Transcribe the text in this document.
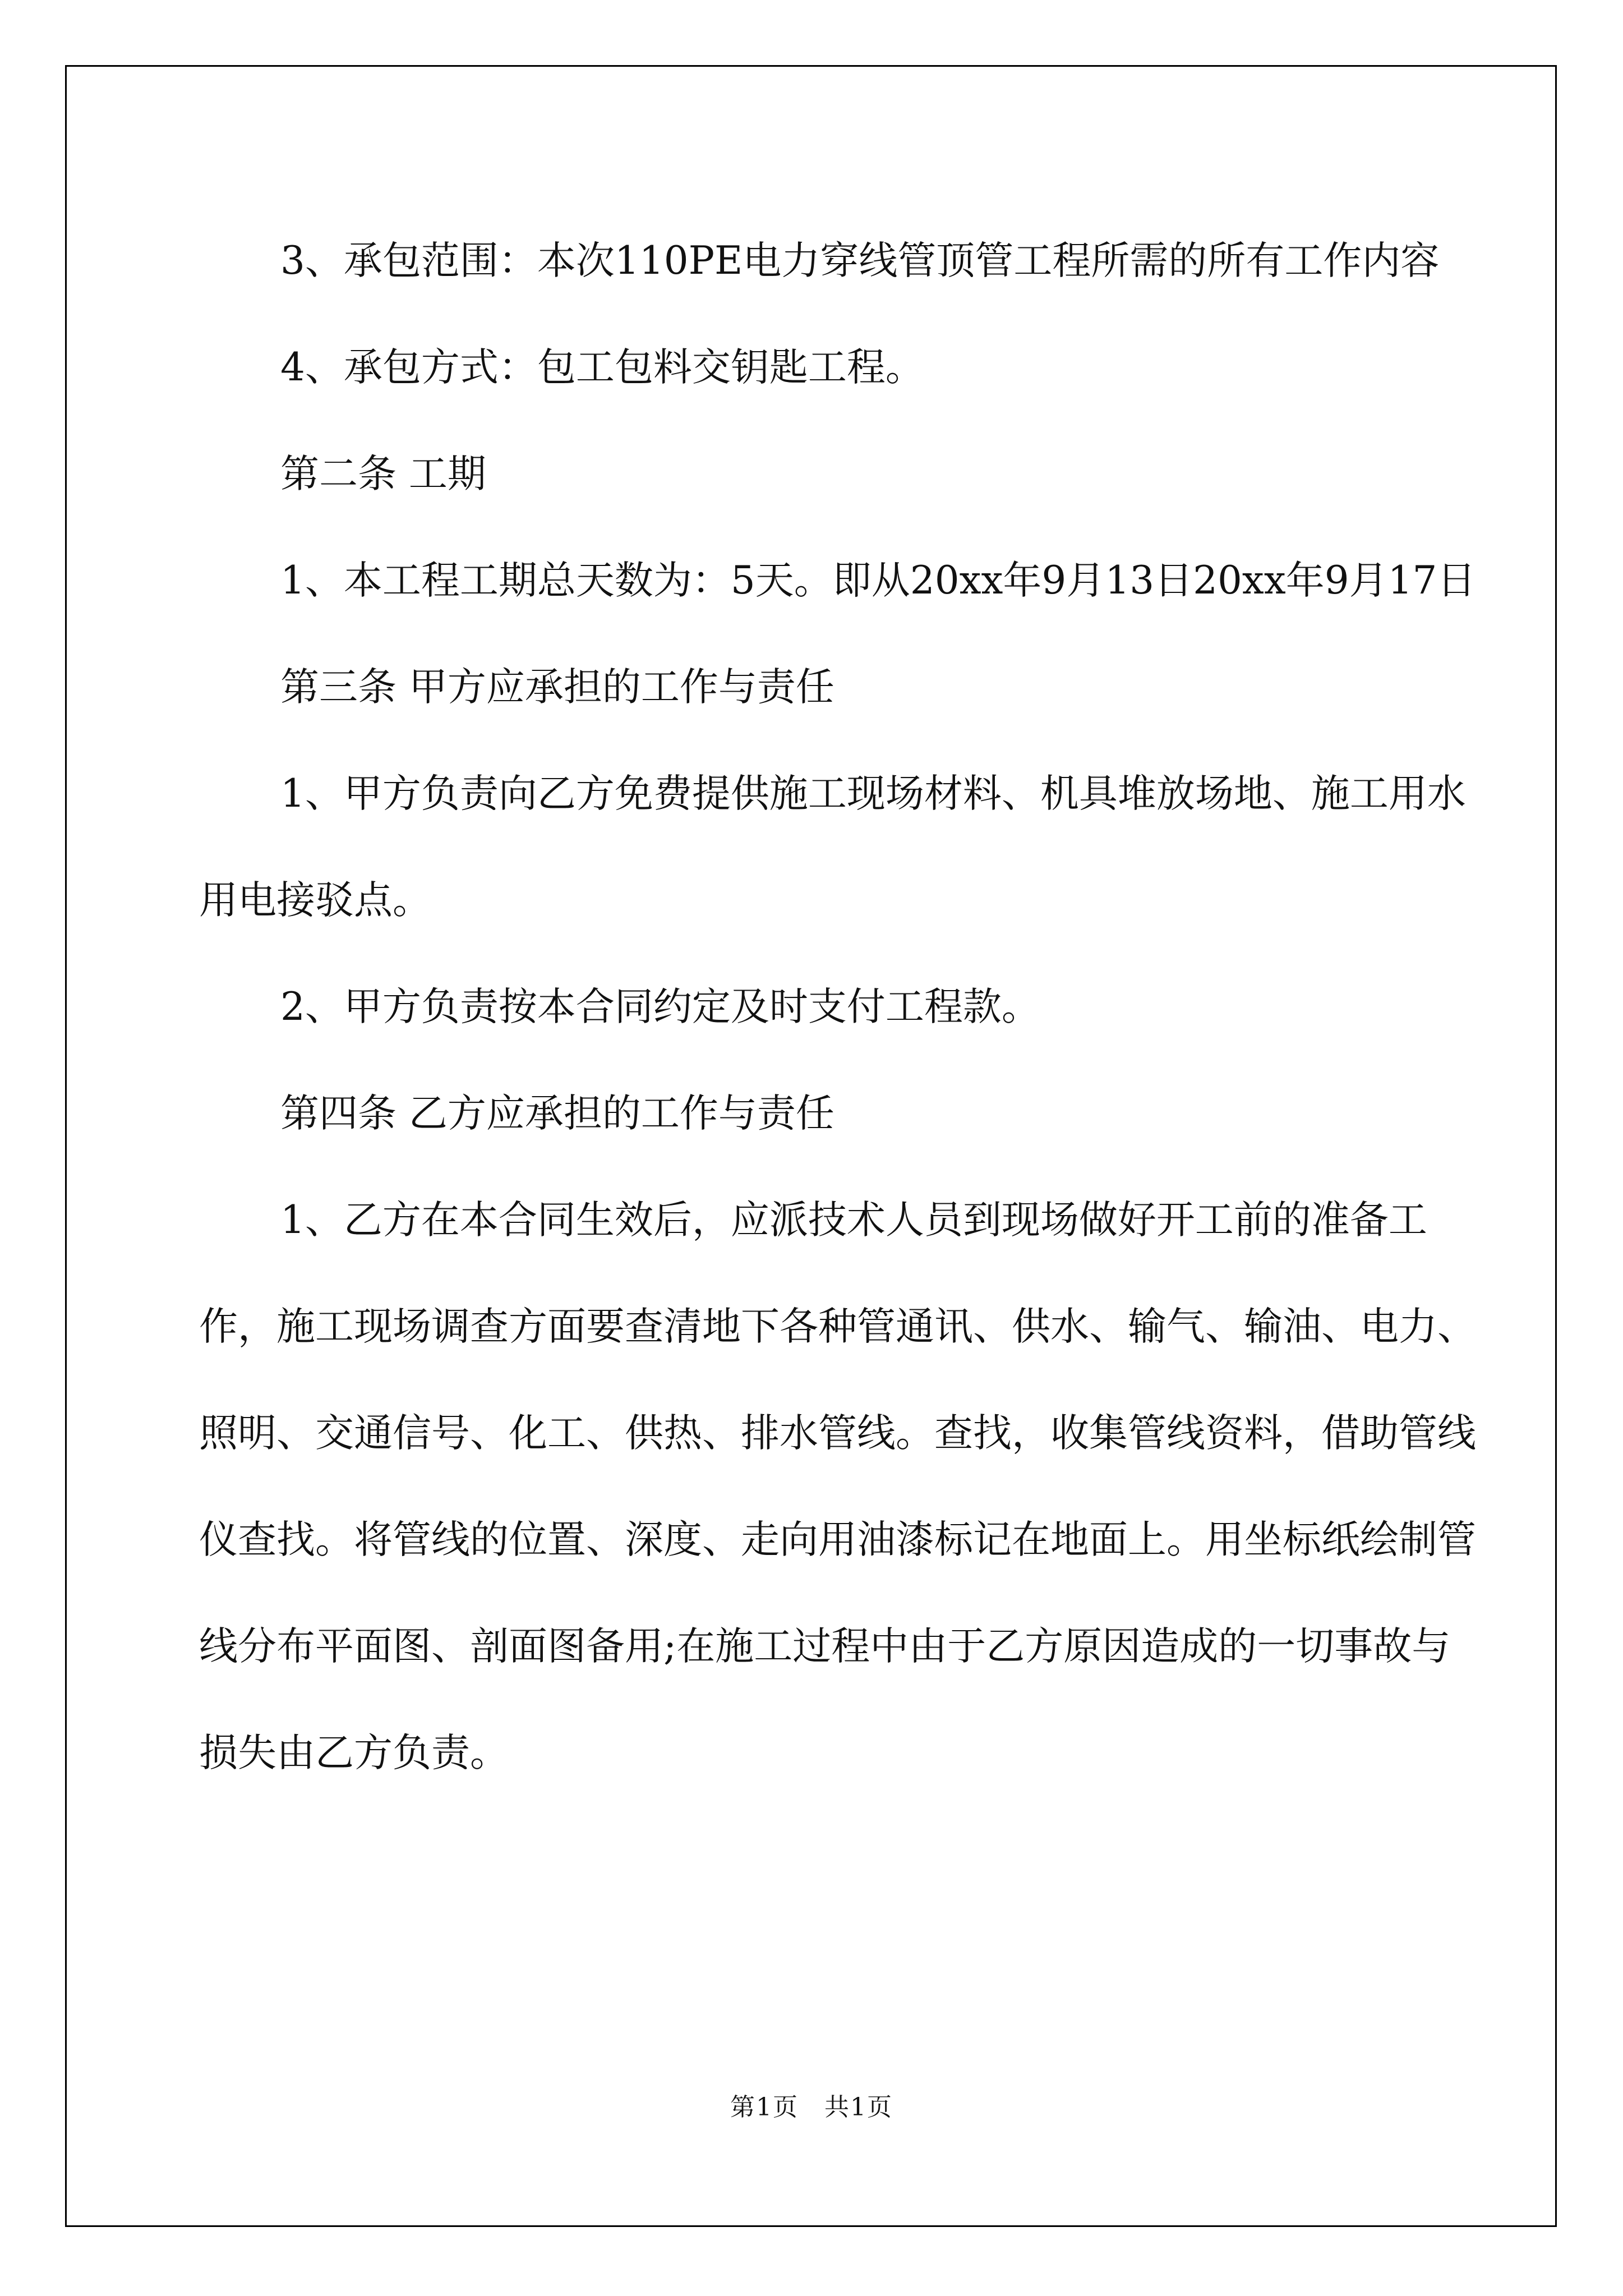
3、承包范围：本次110PE电力穿线管顶管工程所需的所有工作内容

4、承包方式：包工包料交钥匙工程。

第二条 工期

1、本工程工期总天数为：5天。即从20xx年9月13日20xx年9月17日

第三条 甲方应承担的工作与责任

1、甲方负责向乙方免费提供施工现场材料、机具堆放场地、施工用水用电接驳点。

2、甲方负责按本合同约定及时支付工程款。

第四条 乙方应承担的工作与责任

1、乙方在本合同生效后，应派技术人员到现场做好开工前的准备工作，施工现场调查方面要查清地下各种管通讯、供水、输气、输油、电力、照明、交通信号、化工、供热、排水管线。查找，收集管线资料，借助管线仪查找。将管线的位置、深度、走向用油漆标记在地面上。用坐标纸绘制管线分布平面图、剖面图备用;在施工过程中由于乙方原因造成的一切事故与损失由乙方负责。

第1页　共1页
